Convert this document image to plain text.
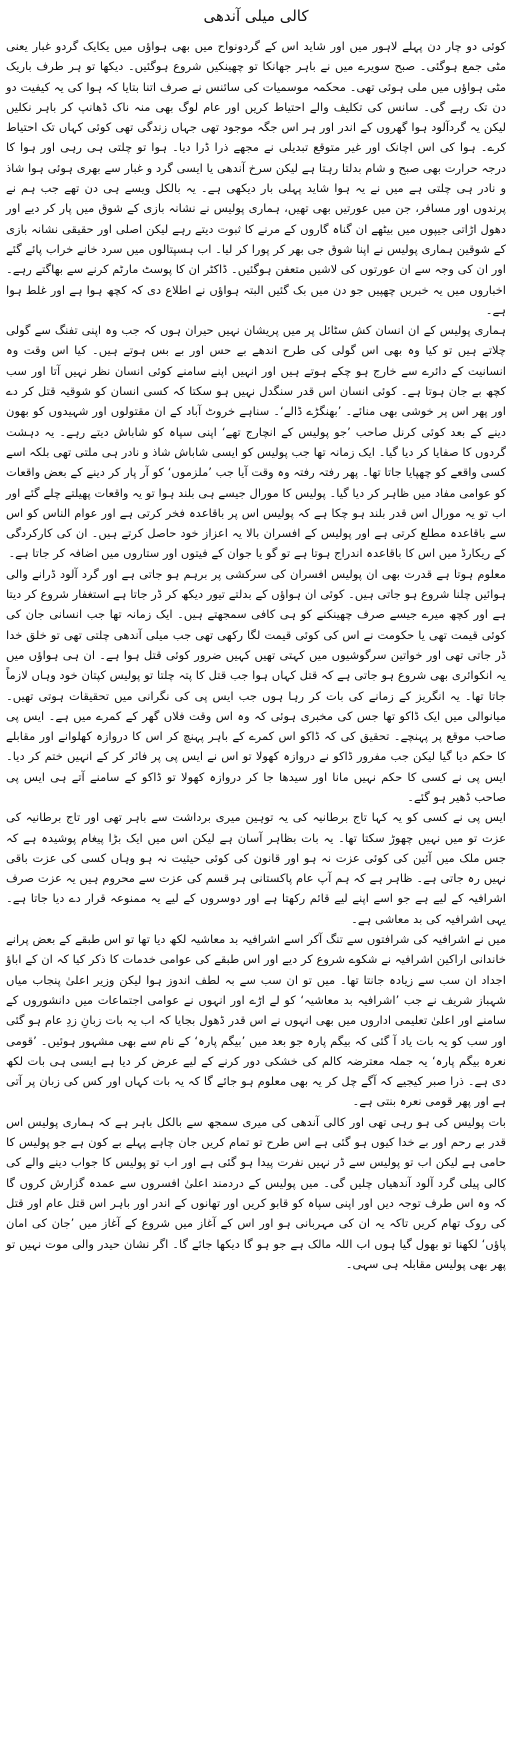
کالی میلی آندھی

کوئی دو چار دن پہلے لاہور میں اور شاید اس کے گردونواح میں بھی ہواؤں میں یکایک گردو غبار یعنی مٹی جمع ہوگئی۔ صبح سویرے میں نے باہر جھانکا تو چھینکیں شروع ہوگئیں۔ دیکھا تو ہر طرف باریک مٹی ہواؤں میں ملی ہوئی تھی۔ محکمہ موسمیات کی سائنس نے صرف اتنا بتایا کہ ہوا کی یہ کیفیت دو دن تک رہے گی۔ سانس کی تکلیف والے احتیاط کریں اور عام لوگ بھی منہ ناک ڈھانپ کر باہر نکلیں لیکن یہ گردآلود ہوا گھروں کے اندر اور ہر اس جگہ موجود تھی جہاں زندگی تھی کوئی کہاں تک احتیاط کرے۔ ہوا کی اس اچانک اور غیر متوقع تبدیلی نے مجھے ذرا ڈرا دیا۔ ہوا تو چلتی ہی رہی اور ہوا کا درجہ حرارت بھی صبح و شام بدلتا رہتا ہے لیکن سرخ آندھی یا ایسی گرد و غبار سے بھری ہوئی ہوا شاذ و نادر ہی چلتی ہے میں نے یہ ہوا شاید پہلی بار دیکھی ہے۔ یہ بالکل ویسے ہی دن تھے جب ہم نے پرندوں اور مسافر، جن میں عورتیں بھی تھیں، ہماری پولیس نے نشانہ بازی کے شوق میں پار کر دیے اور دھول اڑاتی جیپوں میں بیٹھے ان گناہ گاروں کے مرنے کا ثبوت دیتے رہے لیکن اصلی اور حقیقی نشانہ بازی کے شوقین ہماری پولیس نے اپنا شوق جی بھر کر پورا کر لیا۔ اب ہسپتالوں میں سرد خانے خراب پائے گئے اور ان کی وجہ سے ان عورتوں کی لاشیں متعفن ہوگئیں۔ ڈاکٹر ان کا پوسٹ مارٹم کرنے سے بھاگتے رہے۔ اخباروں میں یہ خبریں چھپیں جو دن میں بک گئیں البتہ ہواؤں نے اطلاع دی کہ کچھ ہوا ہے اور غلط ہوا ہے۔

ہماری پولیس کے ان انسان کش سٹائل پر میں پریشان نہیں حیران ہوں کہ جب وہ اپنی تفنگ سے گولی چلاتے ہیں تو کیا وہ بھی اس گولی کی طرح اندھے بے حس اور بے بس ہوتے ہیں۔ کیا اس وقت وہ انسانیت کے دائرے سے خارج ہو چکے ہوتے ہیں اور انہیں اپنے سامنے کوئی انسان نظر نہیں آتا اور سب کچھ بے جان ہوتا ہے۔ کوئی انسان اس قدر سنگدل نہیں ہو سکتا کہ کسی انسان کو شوقیہ قتل کر دے اور پھر اس پر خوشی بھی منائے۔ ’بھنگڑے ڈالے‘۔ سناہے خروٹ آباد کے ان مقتولوں اور شہیدوں کو بھون دینے کے بعد کوئی کرنل صاحب ’جو پولیس کے انچارج تھے‘ اپنی سپاہ کو شاباش دیتے رہے۔ یہ دہشت گردوں کا صفایا کر دیا گیا۔ ایک زمانہ تھا جب پولیس کو ایسی شاباش شاذ و نادر ہی ملتی تھی بلکہ اسے کسی واقعے کو چھپایا جاتا تھا۔ پھر رفتہ رفتہ وہ وقت آیا جب ’ملزموں‘ کو آر پار کر دینے کے بعض واقعات کو عوامی مفاد میں ظاہر کر دیا گیا۔ پولیس کا مورال جیسے ہی بلند ہوا تو یہ واقعات پھیلتے چلے گئے اور اب تو یہ مورال اس قدر بلند ہو چکا ہے کہ پولیس اس پر باقاعدہ فخر کرتی ہے اور عوام الناس کو اس سے باقاعدہ مطلع کرتی ہے اور پولیس کے افسران بالا یہ اعزاز خود حاصل کرتے ہیں۔ ان کی کارکردگی کے ریکارڈ میں اس کا باقاعدہ اندراج ہوتا ہے تو گو یا جوان کے فیتوں اور ستاروں میں اضافہ کر جاتا ہے۔

معلوم ہوتا ہے قدرت بھی ان پولیس افسران کی سرکشی پر برہم ہو جاتی ہے اور گرد آلود ڈرانے والی ہوائیں چلنا شروع ہو جاتی ہیں۔ کوئی ان ہواؤں کے بدلتے تیور دیکھ کر ڈر جاتا ہے استغفار شروع کر دیتا ہے اور کچھ میرے جیسے صرف چھینکنے کو ہی کافی سمجھتے ہیں۔ ایک زمانہ تھا جب انسانی جان کی کوئی قیمت تھی یا حکومت نے اس کی کوئی قیمت لگا رکھی تھی جب میلی آندھی چلتی تھی تو خلق خدا ڈر جاتی تھی اور خواتین سرگوشیوں میں کہتی تھیں کہیں ضرور کوئی قتل ہوا ہے۔ ان ہی ہواؤں میں یہ انکوائری بھی شروع ہو جاتی ہے کہ قتل کہاں ہوا جب قتل کا پتہ چلتا تو پولیس کپتان خود وہاں لازماً جاتا تھا۔ یہ انگریز کے زمانے کی بات کر رہا ہوں جب ایس پی کی نگرانی میں تحقیقات ہوتی تھیں۔ میانوالی میں ایک ڈاکو تھا جس کی مخبری ہوئی کہ وہ اس وقت فلاں گھر کے کمرے میں ہے۔ ایس پی صاحب موقع پر پہنچے۔ تحقیق کی کہ ڈاکو اس کمرے کے باہر پہنچ کر اس کا دروازہ کھلوانے اور مقابلے کا حکم دیا گیا لیکن جب مفرور ڈاکو نے دروازہ کھولا تو اس نے ایس پی پر فائر کر کے انہیں ختم کر دیا۔ ایس پی نے کسی کا حکم نہیں مانا اور سیدھا جا کر دروازہ کھولا تو ڈاکو کے سامنے آتے ہی ایس پی صاحب ڈھیر ہو گئے۔

ایس پی نے کسی کو یہ کہا تاج برطانیہ کی یہ توہین میری برداشت سے باہر تھی اور تاج برطانیہ کی عزت تو میں نہیں چھوڑ سکتا تھا۔ یہ بات بظاہر آسان ہے لیکن اس میں ایک بڑا پیغام پوشیدہ ہے کہ جس ملک میں آئین کی کوئی عزت نہ ہو اور قانون کی کوئی حیثیت نہ ہو وہاں کسی کی عزت باقی نہیں رہ جاتی ہے۔ ظاہر ہے کہ ہم آپ عام پاکستانی ہر قسم کی عزت سے محروم ہیں یہ عزت صرف اشرافیہ کے لیے ہے جو اسے اپنے لیے قائم رکھتا ہے اور دوسروں کے لیے یہ ممنوعہ قرار دے دیا جاتا ہے۔ یہی اشرافیہ کی بد معاشی ہے۔

میں نے اشرافیہ کی شرافتوں سے تنگ آکر اسے اشرافیہ بد معاشیہ لکھ دیا تھا تو اس طبقے کے بعض پرانے خاندانی اراکین اشرافیہ نے شکوے شروع کر دیے اور اس طبقے کی عوامی خدمات کا ذکر کیا کہ ان کے اباؤ اجداد ان سب سے زیادہ جانتا تھا۔ میں تو ان سب سے بہ لطف اندوز ہوا لیکن وزیر اعلیٰ پنجاب میاں شہباز شریف نے جب ’اشرافیہ بد معاشیہ‘ کو لے اڑے اور انہوں نے عوامی اجتماعات میں دانشوروں کے سامنے اور اعلیٰ تعلیمی اداروں میں بھی انہوں نے اس قدر ڈھول بجایا کہ اب یہ بات زبانِ زدِ عام ہو گئی اور سب کو یہ بات یاد آ گئی کہ بیگم پارہ جو بعد میں ’بیگم پارہ‘ کے نام سے بھی مشہور ہوئیں۔ ’قومی نعرہ بیگم پارہ‘ یہ جملہ معترضہ کالم کی خشکی دور کرنے کے لیے عرض کر دیا ہے ایسی ہی بات لکھ دی ہے۔ ذرا صبر کیجیے کہ آگے چل کر یہ بھی معلوم ہو جائے گا کہ یہ بات کہاں اور کس کی زبان پر آتی ہے اور پھر قومی نعرہ بنتی ہے۔

بات پولیس کی ہو رہی تھی اور کالی آندھی کی میری سمجھ سے بالکل باہر ہے کہ ہماری پولیس اس قدر بے رحم اور بے خدا کیوں ہو گئی ہے اس طرح تو تمام کریں جان چاہے پہلے بے کون ہے جو پولیس کا حامی ہے لیکن اب تو پولیس سے ڈر نہیں نفرت پیدا ہو گئی ہے اور اب تو پولیس کا جواب دینے والے کی کالی پیلی گرد آلود آندھیاں چلیں گی۔ میں پولیس کے دردمند اعلیٰ افسروں سے عمدہ گزارش کروں گا کہ وہ اس طرف توجہ دیں اور اپنی سپاہ کو قابو کریں اور تھانوں کے اندر اور باہر اس قتل عام اور قتل کی روک تھام کریں تاکہ یہ ان کی مہربانی ہو اور اس کے آغاز میں شروع کے آغاز میں ’جان کی امان پاؤں‘ لکھنا تو بھول گیا ہوں اب اللہ مالک ہے جو ہو گا دیکھا جائے گا۔ اگر نشان حیدر والی موت نہیں تو پھر بھی پولیس مقابلہ ہی سہی۔
